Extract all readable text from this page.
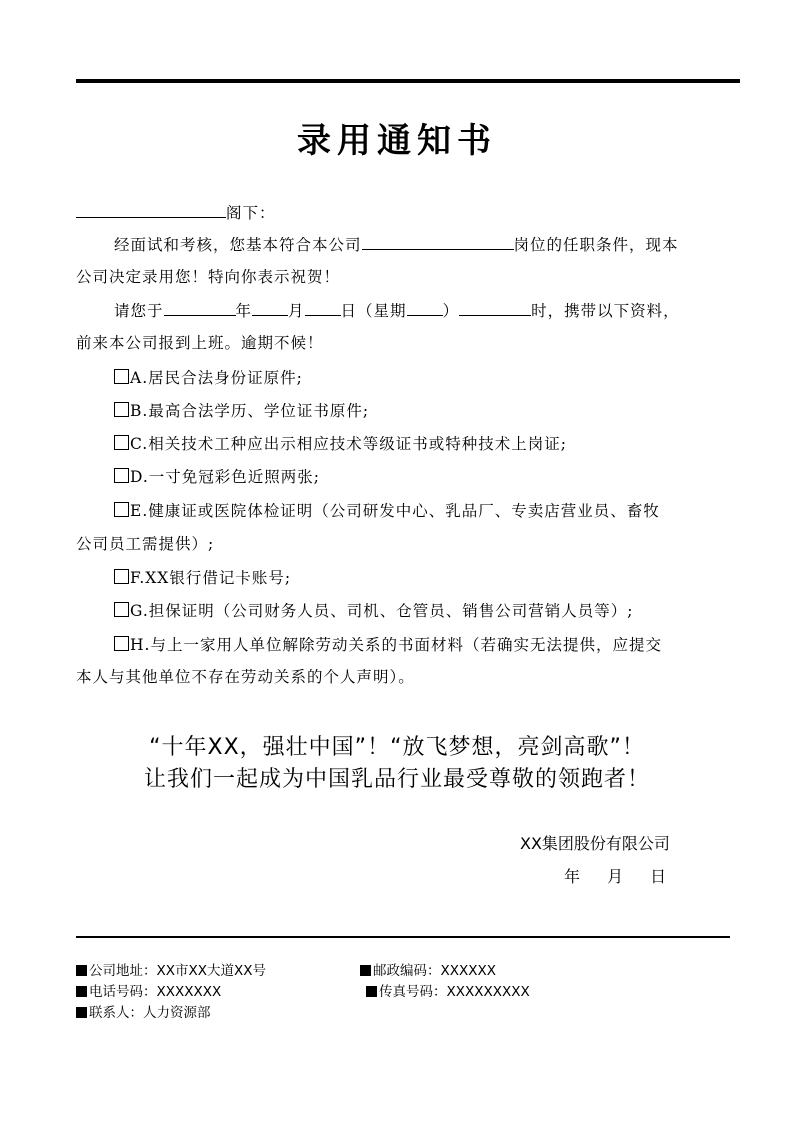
录用通知书
阁下：
经面试和考核，您基本符合本公司	岗位的任职条件，现本
公司决定录用您！特向你表示祝贺！
请您于	年 月 日（星期 ）	时，携带以下资料，
前来本公司报到上班。逾期不候！
A.居民合法身份证原件;
B.最高合法学历、学位证书原件;
C.相关技术工种应出示相应技术等级证书或特种技术上岗证;
D.一寸免冠彩色近照两张;
E.健康证或医院体检证明（公司研发中心、乳品厂、专卖店营业员、畜牧
公司员工需提供）;
F.XX银行借记卡账号;
G.担保证明（公司财务人员、司机、仓管员、销售公司营销人员等）;
H.与上一家用人单位解除劳动关系的书面材料（若确实无法提供，应提交
本人与其他单位不存在劳动关系的个人声明）。
“十年XX，强壮中国”！“放飞梦想，亮剑高歌”！
让我们一起成为中国乳品行业最受尊敬的领跑者！
XX集团股份有限公司
年 月 日
公司地址：XX市XX大道XX号	邮政编码：XXXXXX
电话号码：XXXXXXX	传真号码：XXXXXXXXX
联系人：人力资源部
